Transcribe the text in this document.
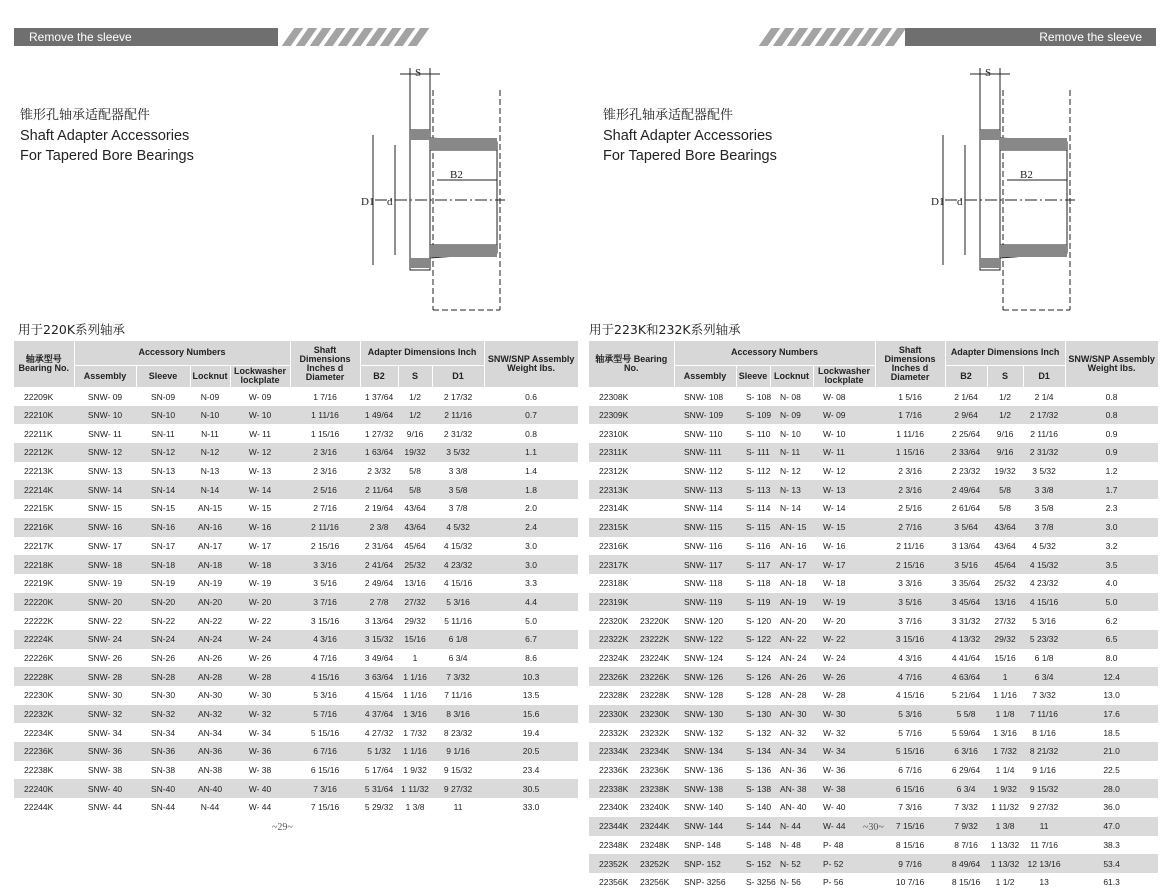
Remove the sleeve
锥形孔轴承适配器配件
Shaft Adapter Accessories
For Tapered Bore Bearings
S
B2
D1 d
用于220K系列轴承
轴承型号 Bearing No.	Accessory Numbers				Shaft Dimensions Inches d Diameter	Adapter Dimensions Inch			SNW/SNP Assembly Weight lbs.
	Assembly	Sleeve	Locknut	Lockwasher lockplate		B2	S	D1	
22209K	SNW- 09	SN-09	N-09	W- 09	1 7/16	1 37/64	1/2	2 17/32	0.6
22210K	SNW- 10	SN-10	N-10	W- 10	1 11/16	1 49/64	1/2	2 11/16	0.7
22211K	SNW- 11	SN-11	N-11	W- 11	1 15/16	1 27/32	9/16	2 31/32	0.8
22212K	SNW- 12	SN-12	N-12	W- 12	2 3/16	1 63/64	19/32	3 5/32	1.1
22213K	SNW- 13	SN-13	N-13	W- 13	2 3/16	2 3/32	5/8	3 3/8	1.4
22214K	SNW- 14	SN-14	N-14	W- 14	2 5/16	2 11/64	5/8	3 5/8	1.8
22215K	SNW- 15	SN-15	AN-15	W- 15	2 7/16	2 19/64	43/64	3 7/8	2.0
22216K	SNW- 16	SN-16	AN-16	W- 16	2 11/16	2 3/8	43/64	4 5/32	2.4
22217K	SNW- 17	SN-17	AN-17	W- 17	2 15/16	2 31/64	45/64	4 15/32	3.0
22218K	SNW- 18	SN-18	AN-18	W- 18	3 3/16	2 41/64	25/32	4 23/32	3.0
22219K	SNW- 19	SN-19	AN-19	W- 19	3 5/16	2 49/64	13/16	4 15/16	3.3
22220K	SNW- 20	SN-20	AN-20	W- 20	3 7/16	2 7/8	27/32	5 3/16	4.4
22222K	SNW- 22	SN-22	AN-22	W- 22	3 15/16	3 13/64	29/32	5 11/16	5.0
22224K	SNW- 24	SN-24	AN-24	W- 24	4 3/16	3 15/32	15/16	6 1/8	6.7
22226K	SNW- 26	SN-26	AN-26	W- 26	4 7/16	3 49/64	1	6 3/4	8.6
22228K	SNW- 28	SN-28	AN-28	W- 28	4 15/16	3 63/64	1 1/16	7 3/32	10.3
22230K	SNW- 30	SN-30	AN-30	W- 30	5 3/16	4 15/64	1 1/16	7 11/16	13.5
22232K	SNW- 32	SN-32	AN-32	W- 32	5 7/16	4 37/64	1 3/16	8 3/16	15.6
22234K	SNW- 34	SN-34	AN-34	W- 34	5 15/16	4 27/32	1 7/32	8 23/32	19.4
22236K	SNW- 36	SN-36	AN-36	W- 36	6 7/16	5 1/32	1 1/16	9 1/16	20.5
22238K	SNW- 38	SN-38	AN-38	W- 38	6 15/16	5 17/64	1 9/32	9 15/32	23.4
22240K	SNW- 40	SN-40	AN-40	W- 40	7 3/16	5 31/64	1 11/32	9 27/32	30.5
22244K	SNW- 44	SN-44	N-44	W- 44	7 15/16	5 29/32	1 3/8	11	33.0
~29~
Remove the sleeve
锥形孔轴承适配器配件
Shaft Adapter Accessories
For Tapered Bore Bearings
S
B2
D1 d
用于223K和232K系列轴承
轴承型号 Bearing No.		Accessory Numbers				Shaft Dimensions Inches d Diameter	Adapter Dimensions Inch			SNW/SNP Assembly Weight lbs.
		Assembly	Sleeve	Locknut	Lockwasher lockplate		B2	S	D1	
22308K		SNW- 108	S- 108	N- 08	W- 08	1 5/16	2 1/64	1/2	2 1/4	0.8
22309K		SNW- 109	S- 109	N- 09	W- 09	1 7/16	2 9/64	1/2	2 17/32	0.8
22310K		SNW- 110	S- 110	N- 10	W- 10	1 11/16	2 25/64	9/16	2 11/16	0.9
22311K		SNW- 111	S- 111	N- 11	W- 11	1 15/16	2 33/64	9/16	2 31/32	0.9
22312K		SNW- 112	S- 112	N- 12	W- 12	2 3/16	2 23/32	19/32	3 5/32	1.2
22313K		SNW- 113	S- 113	N- 13	W- 13	2 3/16	2 49/64	5/8	3 3/8	1.7
22314K		SNW- 114	S- 114	N- 14	W- 14	2 5/16	2 61/64	5/8	3 5/8	2.3
22315K		SNW- 115	S- 115	AN- 15	W- 15	2 7/16	3 5/64	43/64	3 7/8	3.0
22316K		SNW- 116	S- 116	AN- 16	W- 16	2 11/16	3 13/64	43/64	4 5/32	3.2
22317K		SNW- 117	S- 117	AN- 17	W- 17	2 15/16	3 5/16	45/64	4 15/32	3.5
22318K		SNW- 118	S- 118	AN- 18	W- 18	3 3/16	3 35/64	25/32	4 23/32	4.0
22319K		SNW- 119	S- 119	AN- 19	W- 19	3 5/16	3 45/64	13/16	4 15/16	5.0
22320K	23220K	SNW- 120	S- 120	AN- 20	W- 20	3 7/16	3 31/32	27/32	5 3/16	6.2
22322K	23222K	SNW- 122	S- 122	AN- 22	W- 22	3 15/16	4 13/32	29/32	5 23/32	6.5
22324K	23224K	SNW- 124	S- 124	AN- 24	W- 24	4 3/16	4 41/64	15/16	6 1/8	8.0
22326K	23226K	SNW- 126	S- 126	AN- 26	W- 26	4 7/16	4 63/64	1	6 3/4	12.4
22328K	23228K	SNW- 128	S- 128	AN- 28	W- 28	4 15/16	5 21/64	1 1/16	7 3/32	13.0
22330K	23230K	SNW- 130	S- 130	AN- 30	W- 30	5 3/16	5 5/8	1 1/8	7 11/16	17.6
22332K	23232K	SNW- 132	S- 132	AN- 32	W- 32	5 7/16	5 59/64	1 3/16	8 1/16	18.5
22334K	23234K	SNW- 134	S- 134	AN- 34	W- 34	5 15/16	6 3/16	1 7/32	8 21/32	21.0
22336K	23236K	SNW- 136	S- 136	AN- 36	W- 36	6 7/16	6 29/64	1 1/4	9 1/16	22.5
22338K	23238K	SNW- 138	S- 138	AN- 38	W- 38	6 15/16	6 3/4	1 9/32	9 15/32	28.0
22340K	23240K	SNW- 140	S- 140	AN- 40	W- 40	7 3/16	7 3/32	1 11/32	9 27/32	36.0
22344K	23244K	SNW- 144	S- 144	N- 44	W- 44	7 15/16	7 9/32	1 3/8	11	47.0
22348K	23248K	SNP- 148	S- 148	N- 48	P- 48	8 15/16	8 7/16	1 13/32	11 7/16	38.3
22352K	23252K	SNP- 152	S- 152	N- 52	P- 52	9 7/16	8 49/64	1 13/32	12 13/16	53.4
22356K	23256K	SNP- 3256	S- 3256	N- 56	P- 56	10 7/16	8 15/16	1 1/2	13	61.3
~30~
